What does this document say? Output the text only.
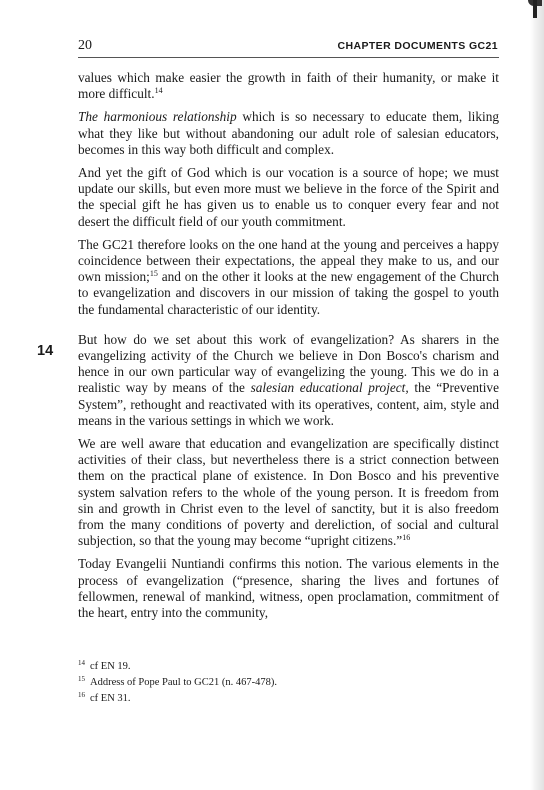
20	CHAPTER DOCUMENTS GC21
14

values which make easier the growth in faith of their humanity, or make it more difficult.$^{14}$

The harmonious relationship which is so necessary to educate them, liking what they like but without abandoning our adult role of salesian educators, becomes in this way both difficult and complex.

And yet the gift of God which is our vocation is a source of hope; we must update our skills, but even more must we believe in the force of the Spirit and the special gift he has given us to enable us to conquer every fear and not desert the difficult field of our youth commitment.

The GC21 therefore looks on the one hand at the young and perceives a happy coincidence between their expectations, the appeal they make to us, and our own mission;$^{15}$ and on the other it looks at the new engagement of the Church to evangelization and discovers in our mission of taking the gospel to youth the fundamental characteristic of our identity.

But how do we set about this work of evangelization? As sharers in the evangelizing activity of the Church we believe in Don Bosco's charism and hence in our own particular way of evangelizing the young. This we do in a realistic way by means of the salesian educational project, the “Preventive System”, rethought and reactivated with its operatives, content, aim, style and means in the various settings in which we work.

We are well aware that education and evangelization are specifically distinct activities of their class, but nevertheless there is a strict connection between them on the practical plane of existence. In Don Bosco and his preventive system salvation refers to the whole of the young person. It is freedom from sin and growth in Christ even to the level of sanctity, but it is also freedom from the many conditions of poverty and dereliction, of social and cultural subjection, so that the young may become “upright citizens.”$^{16}$

Today Evangelii Nuntiandi confirms this notion. The various elements in the process of evangelization (“presence, sharing the lives and fortunes of fellowmen, renewal of mankind, witness, open proclamation, commitment of the heart, entry into the community,

$^{14}$ cf EN 19.

$^{15}$ Address of Pope Paul to GC21 (n. 467-478).

$^{16}$ cf EN 31.
